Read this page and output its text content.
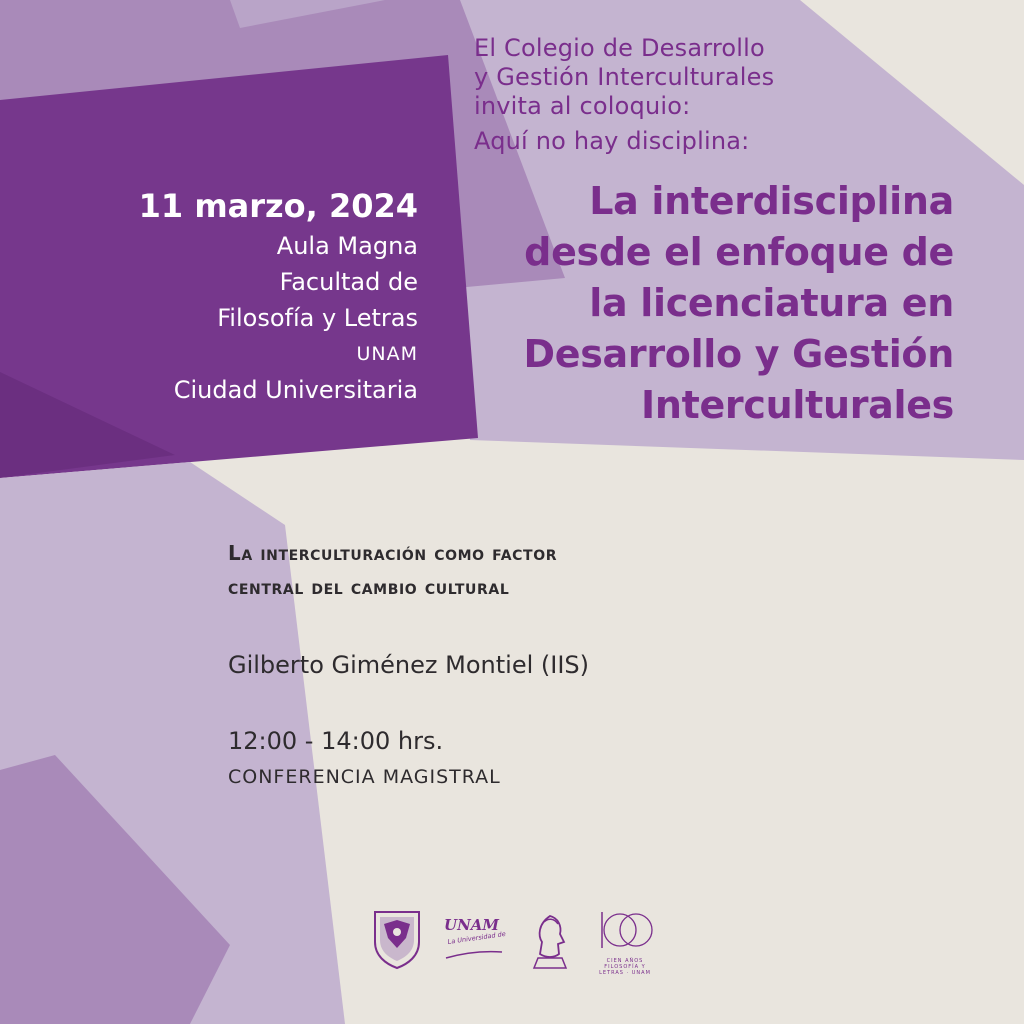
El Colegio de Desarrollo
y Gestión Interculturales
invita al coloquio:
Aquí no hay disciplina:
La interdisciplina
desde el enfoque de
la licenciatura en
Desarrollo y Gestión
Interculturales
11 marzo, 2024
Aula Magna
Facultad de
Filosofía y Letras
UNAM
Ciudad Universitaria
La interculturación como factor
central del cambio cultural
Gilberto Giménez Montiel (IIS)
12:00 - 14:00 hrs.
CONFERENCIA MAGISTRAL
UNAM
La Universidad de
CIEN AÑOS FILOSOFÍA Y LETRAS · UNAM
